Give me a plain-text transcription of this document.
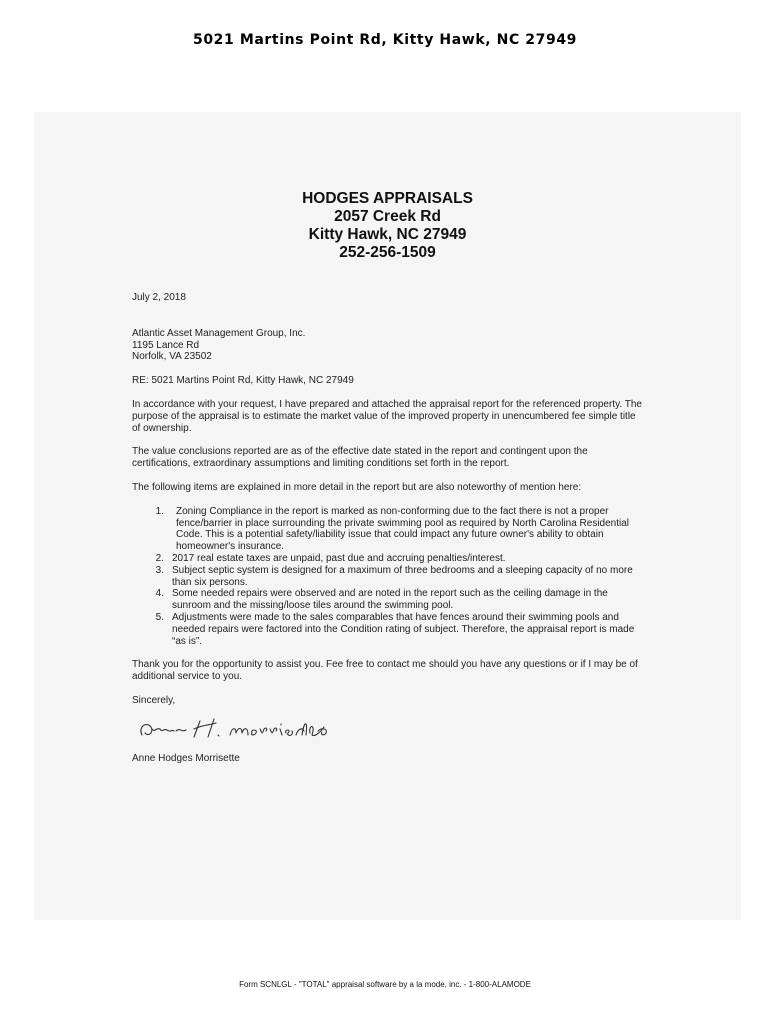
5021 Martins Point Rd, Kitty Hawk, NC 27949
HODGES APPRAISALS
2057 Creek Rd
Kitty Hawk, NC 27949
252-256-1509

July 2, 2018

Atlantic Asset Management Group, Inc.

1195 Lance Rd

Norfolk, VA 23502

RE: 5021 Martins Point Rd, Kitty Hawk, NC 27949

In accordance with your request, I have prepared and attached the appraisal report for the referenced property. The purpose of the appraisal is to estimate the market value of the improved property in unencumbered fee simple title of ownership.

The value conclusions reported are as of the effective date stated in the report and contingent upon the certifications, extraordinary assumptions and limiting conditions set forth in the report.

The following items are explained in more detail in the report but are also noteworthy of mention here:

1.	Zoning Compliance in the report is marked as non-conforming due to the fact there is not a proper fence/barrier in place surrounding the private swimming pool as required by North Carolina Residential Code. This is a potential safety/liability issue that could impact any future owner's ability to obtain homeowner's insurance.
2. 2017 real estate taxes are unpaid, past due and accruing penalties/interest.
3. Subject septic system is designed for a maximum of three bedrooms and a sleeping capacity of no more than six persons.
4. Some needed repairs were observed and are noted in the report such as the ceiling damage in the sunroom and the missing/loose tiles around the swimming pool.
5. Adjustments were made to the sales comparables that have fences around their swimming pools and needed repairs were factored into the Condition rating of subject. Therefore, the appraisal report is made “as is”.

Thank you for the opportunity to assist you. Fee free to contact me should you have any questions or if I may be of additional service to you.

Sincerely,

Anne Hodges Morrisette

Form SCNLGL - "TOTAL" appraisal software by a la mode, inc. - 1-800-ALAMODE
